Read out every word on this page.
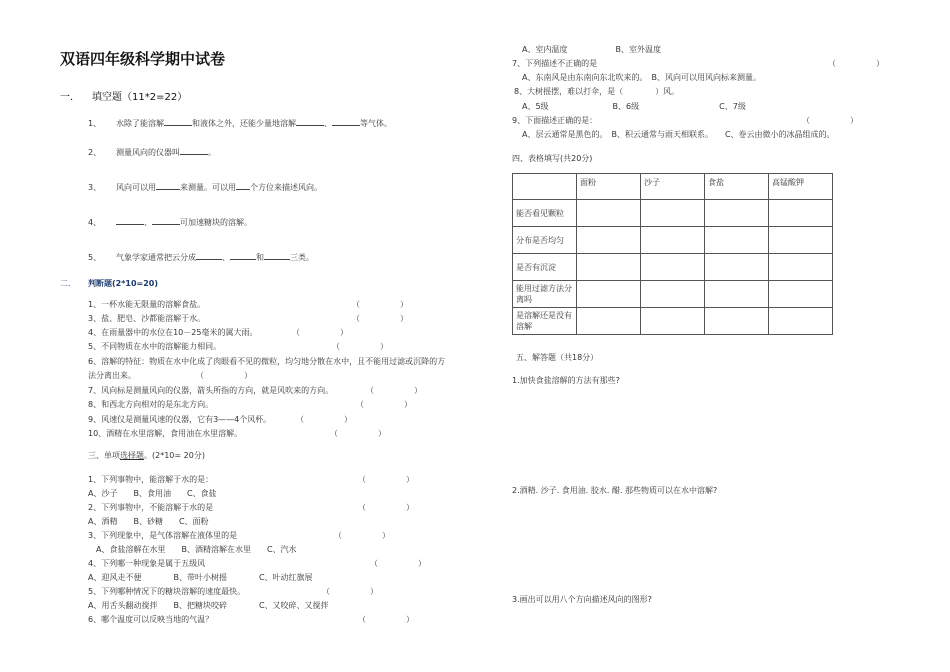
双语四年级科学期中试卷
一. 填空题（11*2=22）
1、 水除了能溶解	和液体之外，还能少量地溶解	、	等气体。
2、 测量风向的仪器叫	。
3、 风向可以用	来测量。可以用 个方位来描述风向。
4、	、	可加速糖块的溶解。
5、 气象学家通常把云分成	、	和	三类。
二. 判断题(2*10=20)
1、一杯水能无限量的溶解食盐。	（　　　　　）
3、盐、肥皂、沙都能溶解于水。	（　　　　　）
4、在雨量器中的水位在10－25毫米的属大雨。	（　　　　　）
5、不同物质在水中的溶解能力相同。	（　　　　　）
6、溶解的特征：物质在水中化成了肉眼看不见的微粒，均匀地分散在水中，且不能用过滤或沉降的方
法分离出来。	（　　　　　）
7、风向标是测量风向的仪器，箭头所指的方向，就是风吹来的方向。	（　　　　　）
8、和西北方向相对的是东北方向。	（　　　　　）
9、风速仪是测量风速的仪器，它有3——4个风杯。	（　　　　　）
10、酒精在水里溶解，食用油在水里溶解。	（　　　　　）
三、单项选择题。(2*10= 20分)
1、下列事物中，能溶解于水的是：	（　　　　　）
A、沙子　　B、食用油　　C、食盐
2、下列事物中，不能溶解于水的是	（　　　　　）
A、酒精　　B、砂糖　　C、面粉
3、下列现象中，是气体溶解在液体里的是	（　　　　　）
A、食盐溶解在水里　　B、酒精溶解在水里　　C、汽水
4、下列哪一种现象是属于五级风	（　　　　　）
A、迎风走不便　　　　B、带叶小树摇　　　　C、叶动红旗展
5、下列哪种情况下的糖块溶解的速度最快。	（　　　　　）
A、用舌头翻动搅拌　　B、把糖块咬碎　　　　C、又咬碎、又搅拌
6、哪个温度可以反映当地的气温？	（　　　　　）
A、室内温度　　　　　　B、室外温度
7、下列描述不正确的是	（　　　　　）
A、东南风是由东南向东北吹来的。　B、风向可以用风向标来测量。
8、大树摇摆，难以打伞，是（　　　　）风。
A、5级　　　　　　　　B、6级　　　　　　　　　　C、7级
9、下面描述正确的是：	（　　　　　）
A、层云通常是黑色的。　B、积云通常与雨天相联系。　　C、卷云由微小的冰晶组成的。
四、表格填写(共20分)
	面粉	沙子	食盐	高锰酸钾
能否看见颗粒				
分布是否均匀				
是否有沉淀				
能用过滤方法分离吗				
是溶解还是没有溶解				
五、解答题（共18分）
1.加快食盐溶解的方法有那些?
2.酒精. 沙子. 食用油. 胶水. 醋. 那些物质可以在水中溶解?
3.画出可以用八个方向描述风向的图形?
